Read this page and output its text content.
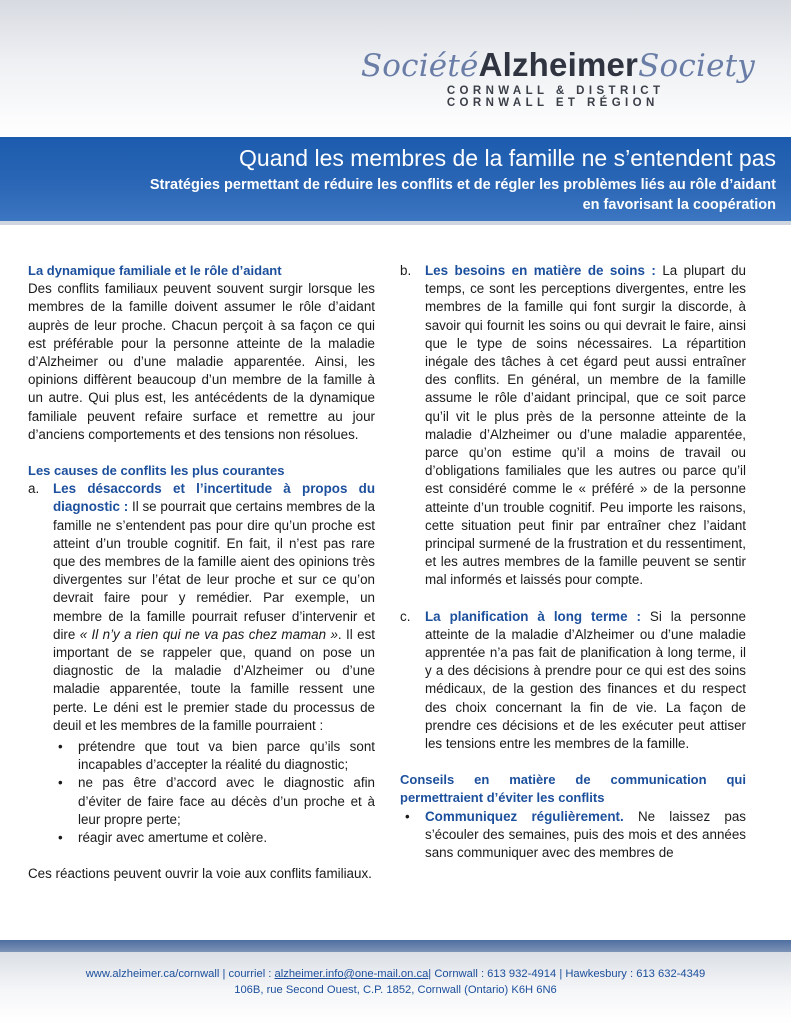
SociétéAlzheimerSociety
CORNWALL & DISTRICT
CORNWALL ET RÉGION
Quand les membres de la famille ne s’entendent pas
Stratégies permettant de réduire les conflits et de régler les problèmes liés au rôle d’aidant en favorisant la coopération

La dynamique familiale et le rôle d’aidant

Des conflits familiaux peuvent souvent surgir lorsque les membres de la famille doivent assumer le rôle d’aidant auprès de leur proche. Chacun perçoit à sa façon ce qui est préférable pour la personne atteinte de la maladie d’Alzheimer ou d’une maladie apparentée. Ainsi, les opinions diffèrent beaucoup d’un membre de la famille à un autre. Qui plus est, les antécédents de la dynamique familiale peuvent refaire surface et remettre au jour d’anciens comportements et des tensions non résolues.

Les causes de conflits les plus courantes

a.	Les désaccords et l’incertitude à propos du diagnostic : Il se pourrait que certains membres de la famille ne s’entendent pas pour dire qu’un proche est atteint d’un trouble cognitif. En fait, il n’est pas rare que des membres de la famille aient des opinions très divergentes sur l’état de leur proche et sur ce qu’on devrait faire pour y remédier. Par exemple, un membre de la famille pourrait refuser d’intervenir et dire « Il n’y a rien qui ne va pas chez maman ». Il est important de se rappeler que, quand on pose un diagnostic de la maladie d’Alzheimer ou d’une maladie apparentée, toute la famille ressent une perte. Le déni est le premier stade du processus de deuil et les membres de la famille pourraient :
•	prétendre que tout va bien parce qu’ils sont incapables d’accepter la réalité du diagnostic;
•	ne pas être d’accord avec le diagnostic afin d’éviter de faire face au décès d’un proche et à leur propre perte;
•	réagir avec amertume et colère.

Ces réactions peuvent ouvrir la voie aux conflits familiaux.

b.	Les besoins en matière de soins : La plupart du temps, ce sont les perceptions divergentes, entre les membres de la famille qui font surgir la discorde, à savoir qui fournit les soins ou qui devrait le faire, ainsi que le type de soins nécessaires. La répartition inégale des tâches à cet égard peut aussi entraîner des conflits. En général, un membre de la famille assume le rôle d’aidant principal, que ce soit parce qu’il vit le plus près de la personne atteinte de la maladie d’Alzheimer ou d’une maladie apparentée, parce qu’on estime qu’il a moins de travail ou d’obligations familiales que les autres ou parce qu’il est considéré comme le « préféré » de la personne atteinte d’un trouble cognitif. Peu importe les raisons, cette situation peut finir par entraîner chez l’aidant principal surmené de la frustration et du ressentiment, et les autres membres de la famille peuvent se sentir mal informés et laissés pour compte.
c.	La planification à long terme : Si la personne atteinte de la maladie d’Alzheimer ou d’une maladie apprentée n’a pas fait de planification à long terme, il y a des décisions à prendre pour ce qui est des soins médicaux, de la gestion des finances et du respect des choix concernant la fin de vie. La façon de prendre ces décisions et de les exécuter peut attiser les tensions entre les membres de la famille.

Conseils en matière de communication qui permettraient d’éviter les conflits

•	Communiquez régulièrement. Ne laissez pas s’écouler des semaines, puis des mois et des années sans communiquer avec des membres de
www.alzheimer.ca/cornwall | courriel : alzheimer.info@one-mail.on.ca| Cornwall : 613 932-4914 | Hawkesbury : 613 632-4349
106B, rue Second Ouest, C.P. 1852, Cornwall (Ontario) K6H 6N6
